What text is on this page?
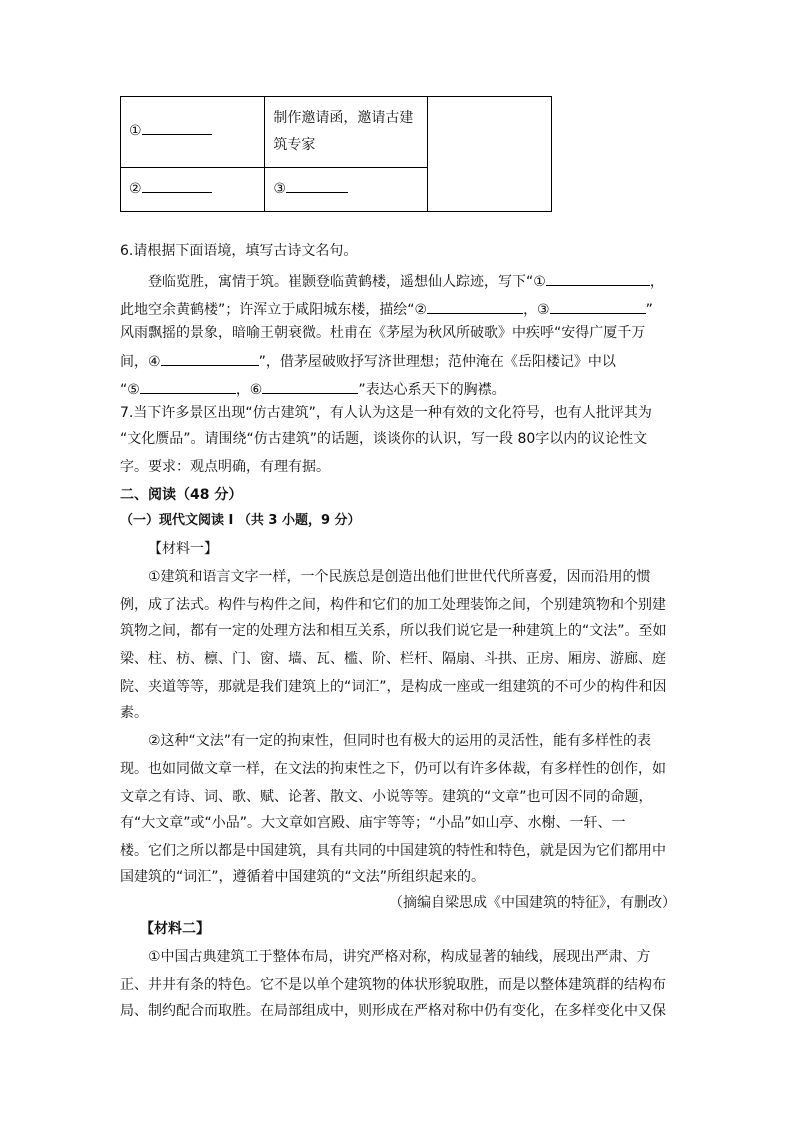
①	制作邀请函，邀请古建筑专家	
②	③	
6.请根据下面语境，填写古诗文名句。
登临览胜，寓情于筑。崔颢登临黄鹤楼，遥想仙人踪迹，写下“①	，
此地空余黄鹤楼”；许浑立于咸阳城东楼，描绘“②	，③	”
风雨飘摇的景象，暗喻王朝衰微。杜甫在《茅屋为秋风所破歌》中疾呼“安得广厦千万
间，④	”，借茅屋破败抒写济世理想；范仲淹在《岳阳楼记》中以
“⑤	，⑥	”表达心系天下的胸襟。
7.当下许多景区出现“仿古建筑”，有人认为这是一种有效的文化符号，也有人批评其为
“文化赝品”。请围绕“仿古建筑”的话题，谈谈你的认识，写一段 80字以内的议论性文
字。要求：观点明确，有理有据。
二、阅读（48 分）
（一）现代文阅读 I （共 3 小题，9 分）
【材料一】
①建筑和语言文字一样，一个民族总是创造出他们世世代代所喜爱，因而沿用的惯
例，成了法式。构件与构件之间，构件和它们的加工处理装饰之间，个别建筑物和个别建
筑物之间，都有一定的处理方法和相互关系，所以我们说它是一种建筑上的“文法”。至如
梁、柱、枋、檩、门、窗、墙、瓦、槛、阶、栏杆、隔扇、斗拱、正房、厢房、游廊、庭
院、夹道等等，那就是我们建筑上的“词汇”，是构成一座或一组建筑的不可少的构件和因
素。
②这种“文法”有一定的拘束性，但同时也有极大的运用的灵活性，能有多样性的表
现。也如同做文章一样，在文法的拘束性之下，仍可以有许多体裁，有多样性的创作，如
文章之有诗、词、歌、赋、论著、散文、小说等等。建筑的“文章”也可因不同的命题，
有“大文章”或“小品”。大文章如宫殿、庙宇等等；“小品”如山亭、水榭、一轩、一
楼。它们之所以都是中国建筑，具有共同的中国建筑的特性和特色，就是因为它们都用中
国建筑的“词汇”，遵循着中国建筑的“文法”所组织起来的。
（摘编自梁思成《中国建筑的特征》，有删改）
【材料二】
①中国古典建筑工于整体布局，讲究严格对称，构成显著的轴线，展现出严肃、方
正、井井有条的特色。它不是以单个建筑物的体状形貌取胜，而是以整体建筑群的结构布
局、制约配合而取胜。在局部组成中，则形成在严格对称中仍有变化，在多样变化中又保
